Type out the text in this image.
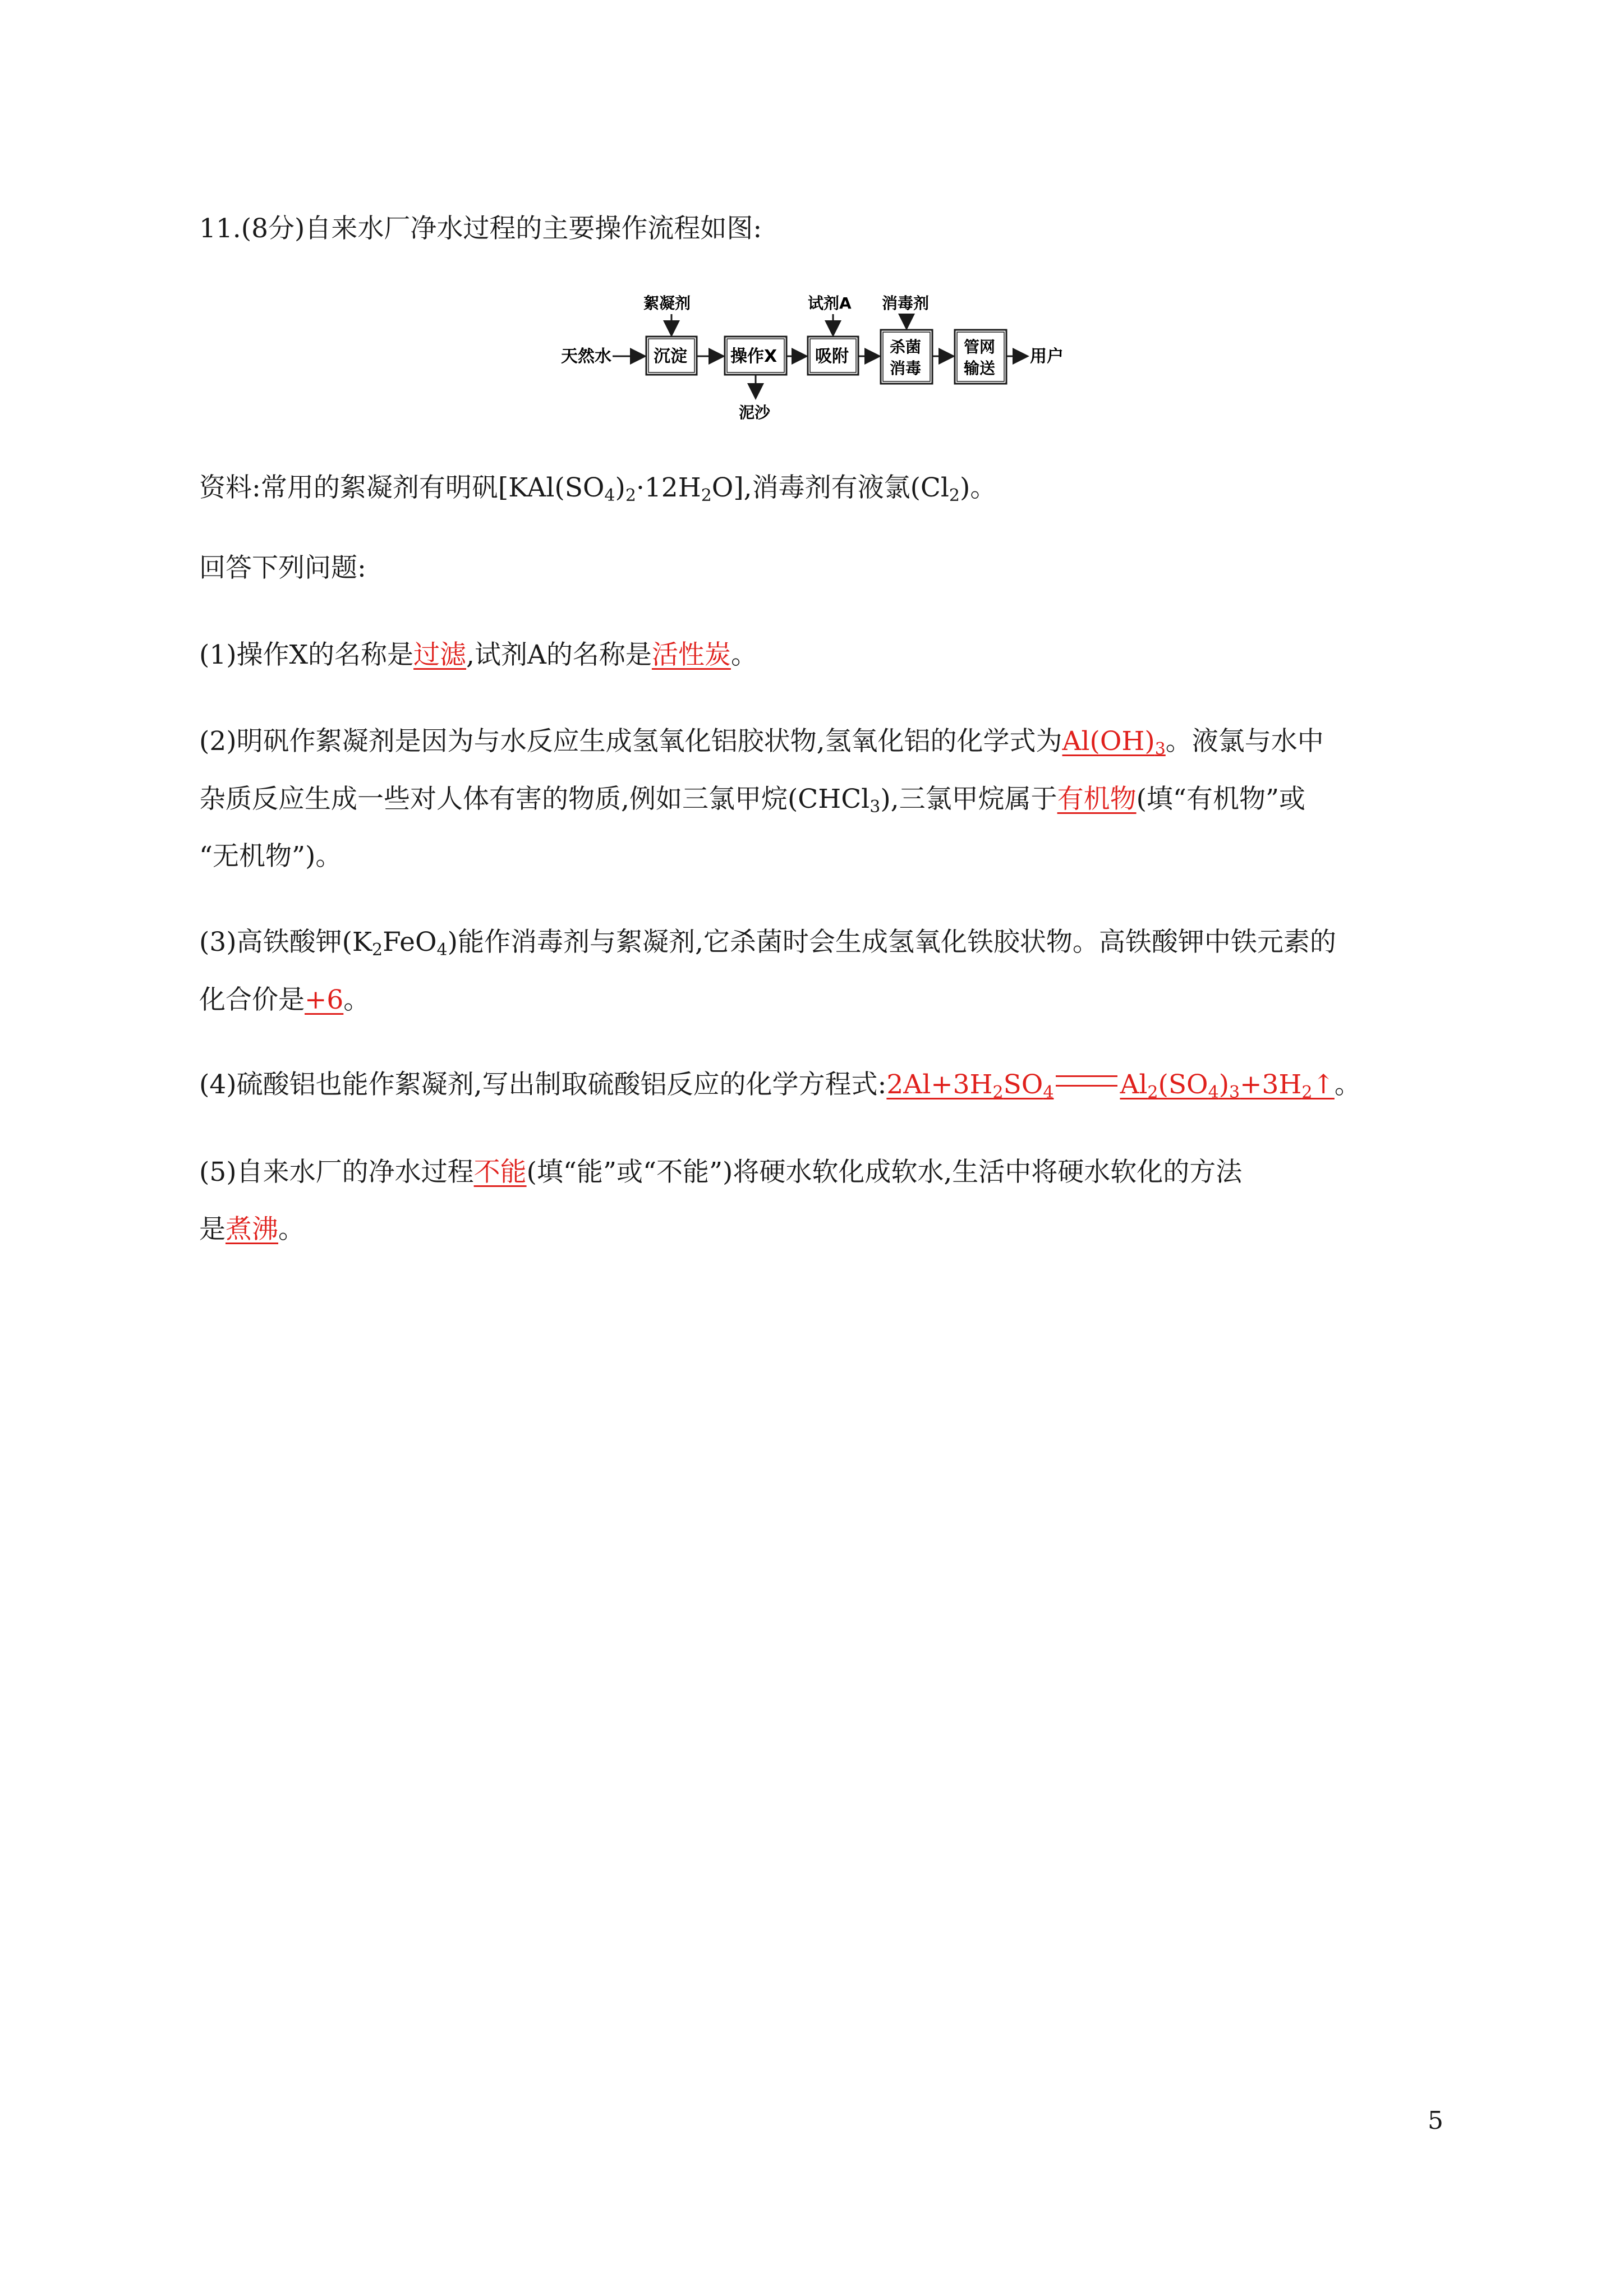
11.(8分)自来水厂净水过程的主要操作流程如图:
天然水	沉淀
絮凝剂
操作X
泥沙
吸附
试剂A
杀菌
消毒
消毒剂
管网
输送
用户
资料:常用的絮凝剂有明矾$[KAl(SO_4)_2\cdot 12H_2O]$,消毒剂有液氯$(Cl_2)$。
回答下列问题:
(1)操作X的名称是过滤,试剂A的名称是活性炭。
(2)明矾作絮凝剂是因为与水反应生成氢氧化铝胶状物,氢氧化铝的化学式为$Al(OH)_3$。液氯与水中
杂质反应生成一些对人体有害的物质,例如三氯甲烷(CHCl$_3$),三氯甲烷属于有机物(填“有机物”或
“无机物”)。
(3)高铁酸钾$(K_2FeO_4)$能作消毒剂与絮凝剂,它杀菌时会生成氢氧化铁胶状物。高铁酸钾中铁元素的
化合价是+6。
(4)硫酸铝也能作絮凝剂,写出制取硫酸铝反应的化学方程式$:2Al+3H_2SO_4$	$Al_2(SO_4)_3+3H_2↑$。
(5)自来水厂的净水过程不能(填“能”或“不能”)将硬水软化成软水,生活中将硬水软化的方法
是煮沸。
5
